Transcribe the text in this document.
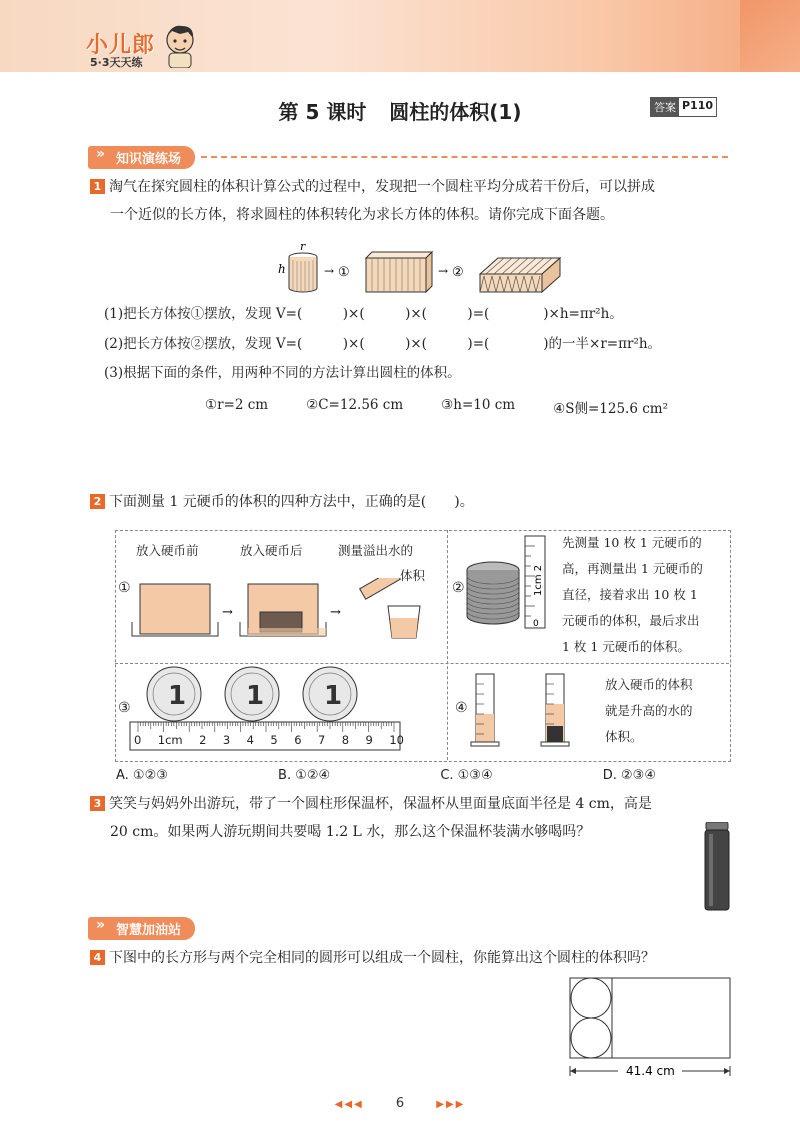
小儿郎
5·3天天练
第 5 课时 圆柱的体积(1)	答案 P110
» 知识演练场
1 淘气在探究圆柱的体积计算公式的过程中，发现把一个圆柱平均分成若干份后，可以拼成
一个近似的长方体，将求圆柱的体积转化为求长方体的体积。请你完成下面各题。
r
h	→ ①	→ ②
(1)把长方体按①摆放，发现 V=(　　　)×(　　　)×(　　　)=(　　　　)×h=πr²h。
(2)把长方体按②摆放，发现 V=(　　　)×(　　　)×(　　　)=(　　　　)的一半×r=πr²h。
(3)根据下面的条件，用两种不同的方法计算出圆柱的体积。
①r=2 cm	②C=12.56 cm	③h=10 cm	④S侧=125.6 cm²
2 下面测量 1 元硬币的体积的四种方法中，正确的是(　　)。
放入硬币前	放入硬币后	测量溢出水的
体积
①
→	→
②	1cm 2
0
先测量 10 枚 1 元硬币的
高，再测量出 1 元硬币的
直径，接着求出 10 枚 1
元硬币的体积，最后求出
1 枚 1 元硬币的体积。
③ 1 1 1
0 1cm 2 3 4 5 6 7 8 9 10
④
放入硬币的体积
就是升高的水的
体积。
A. ①②③	B. ①②④	C. ①③④	D. ②③④
3 笑笑与妈妈外出游玩，带了一个圆柱形保温杯，保温杯从里面量底面半径是 4 cm，高是
20 cm。如果两人游玩期间共要喝 1.2 L 水，那么这个保温杯装满水够喝吗？
» 智慧加油站
4 下图中的长方形与两个完全相同的圆形可以组成一个圆柱，你能算出这个圆柱的体积吗？
41.4 cm
◀◀◀ 6	▶▶▶
